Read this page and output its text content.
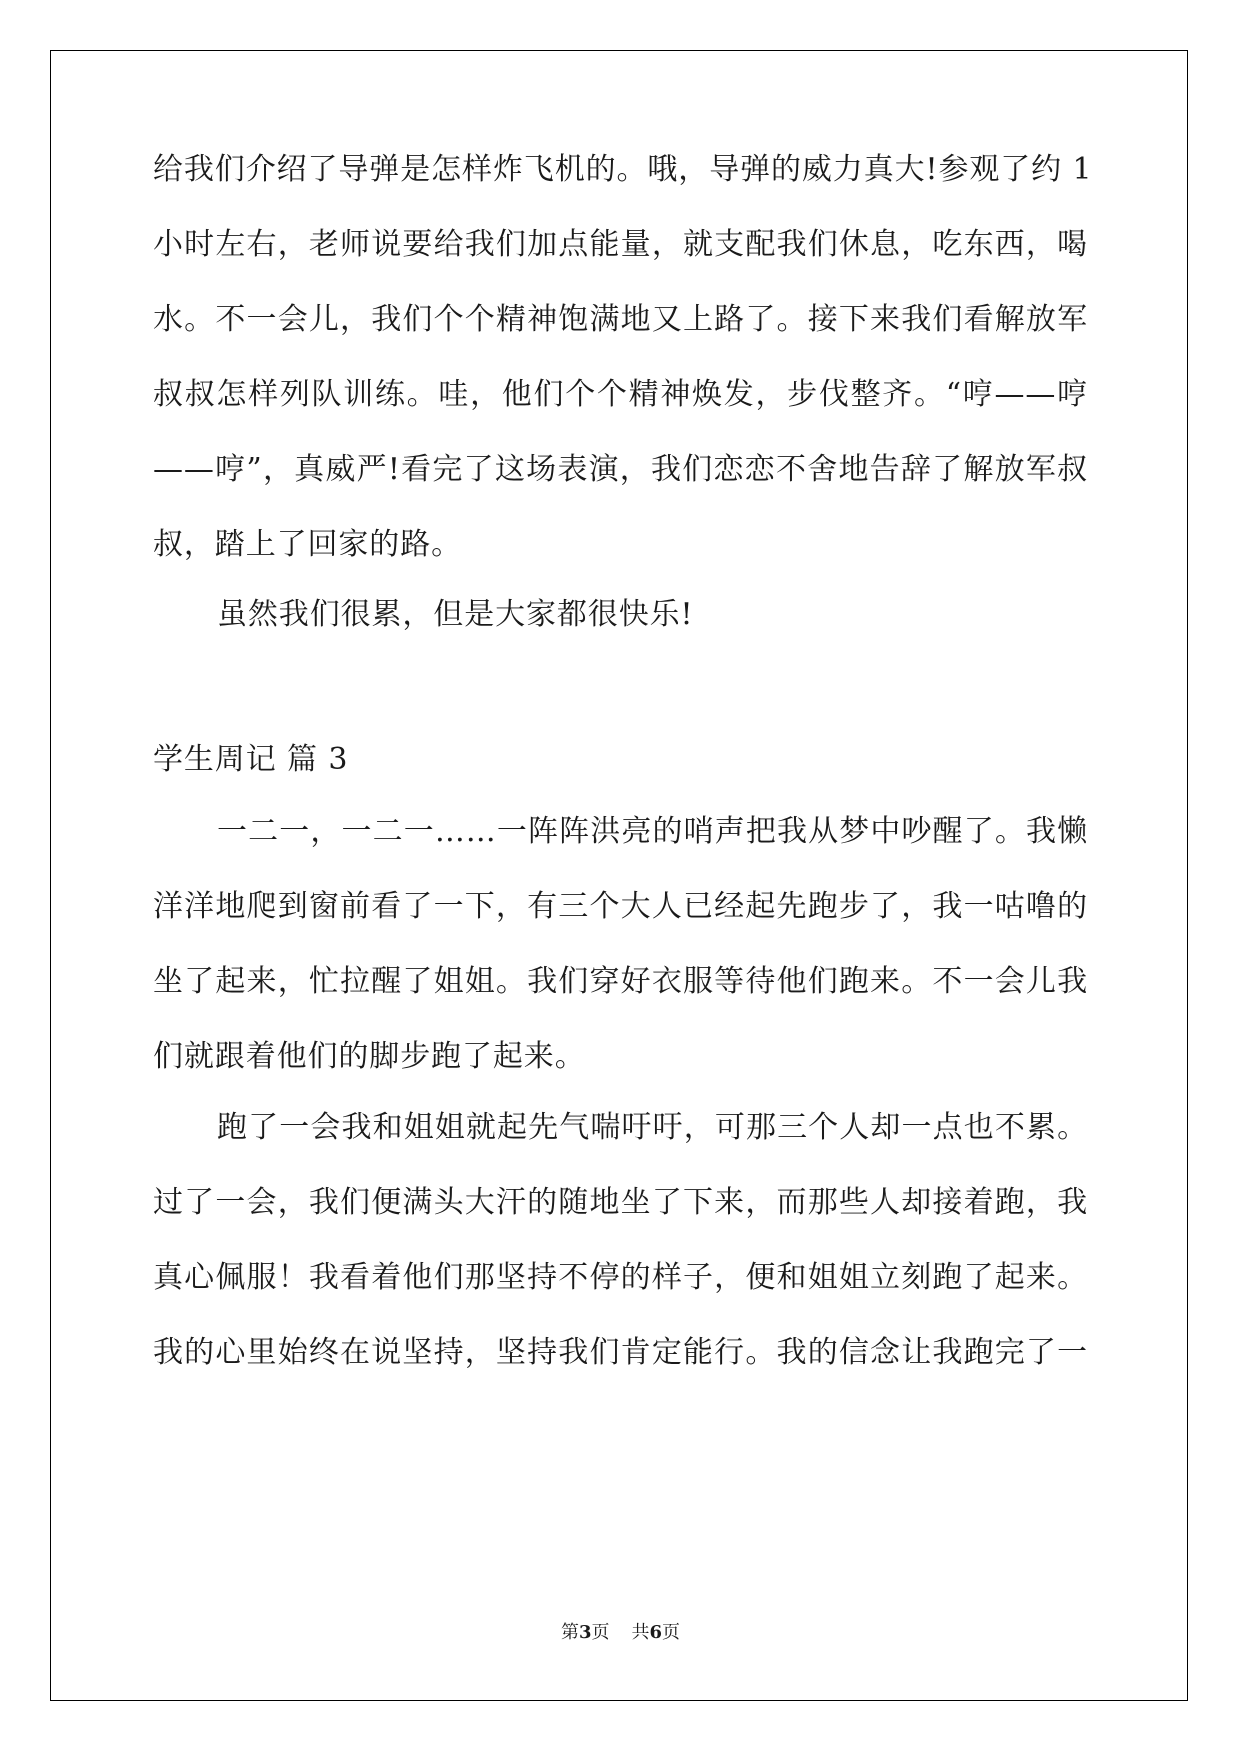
给我们介绍了导弹是怎样炸飞机的。哦，导弹的威力真大!参观了约 1
小时左右，老师说要给我们加点能量，就支配我们休息，吃东西，喝
水。不一会儿，我们个个精神饱满地又上路了。接下来我们看解放军
叔叔怎样列队训练。哇，他们个个精神焕发，步伐整齐。“哼——哼
——哼”，真威严!看完了这场表演，我们恋恋不舍地告辞了解放军叔
叔，踏上了回家的路。
虽然我们很累，但是大家都很快乐!
学生周记 篇 3
一二一，一二一……一阵阵洪亮的哨声把我从梦中吵醒了。我懒
洋洋地爬到窗前看了一下，有三个大人已经起先跑步了，我一咕噜的
坐了起来，忙拉醒了姐姐。我们穿好衣服等待他们跑来。不一会儿我
们就跟着他们的脚步跑了起来。
跑了一会我和姐姐就起先气喘吁吁，可那三个人却一点也不累。
过了一会，我们便满头大汗的随地坐了下来，而那些人却接着跑，我
真心佩服！我看着他们那坚持不停的样子，便和姐姐立刻跑了起来。
我的心里始终在说坚持，坚持我们肯定能行。我的信念让我跑完了一
第3页 共6页
